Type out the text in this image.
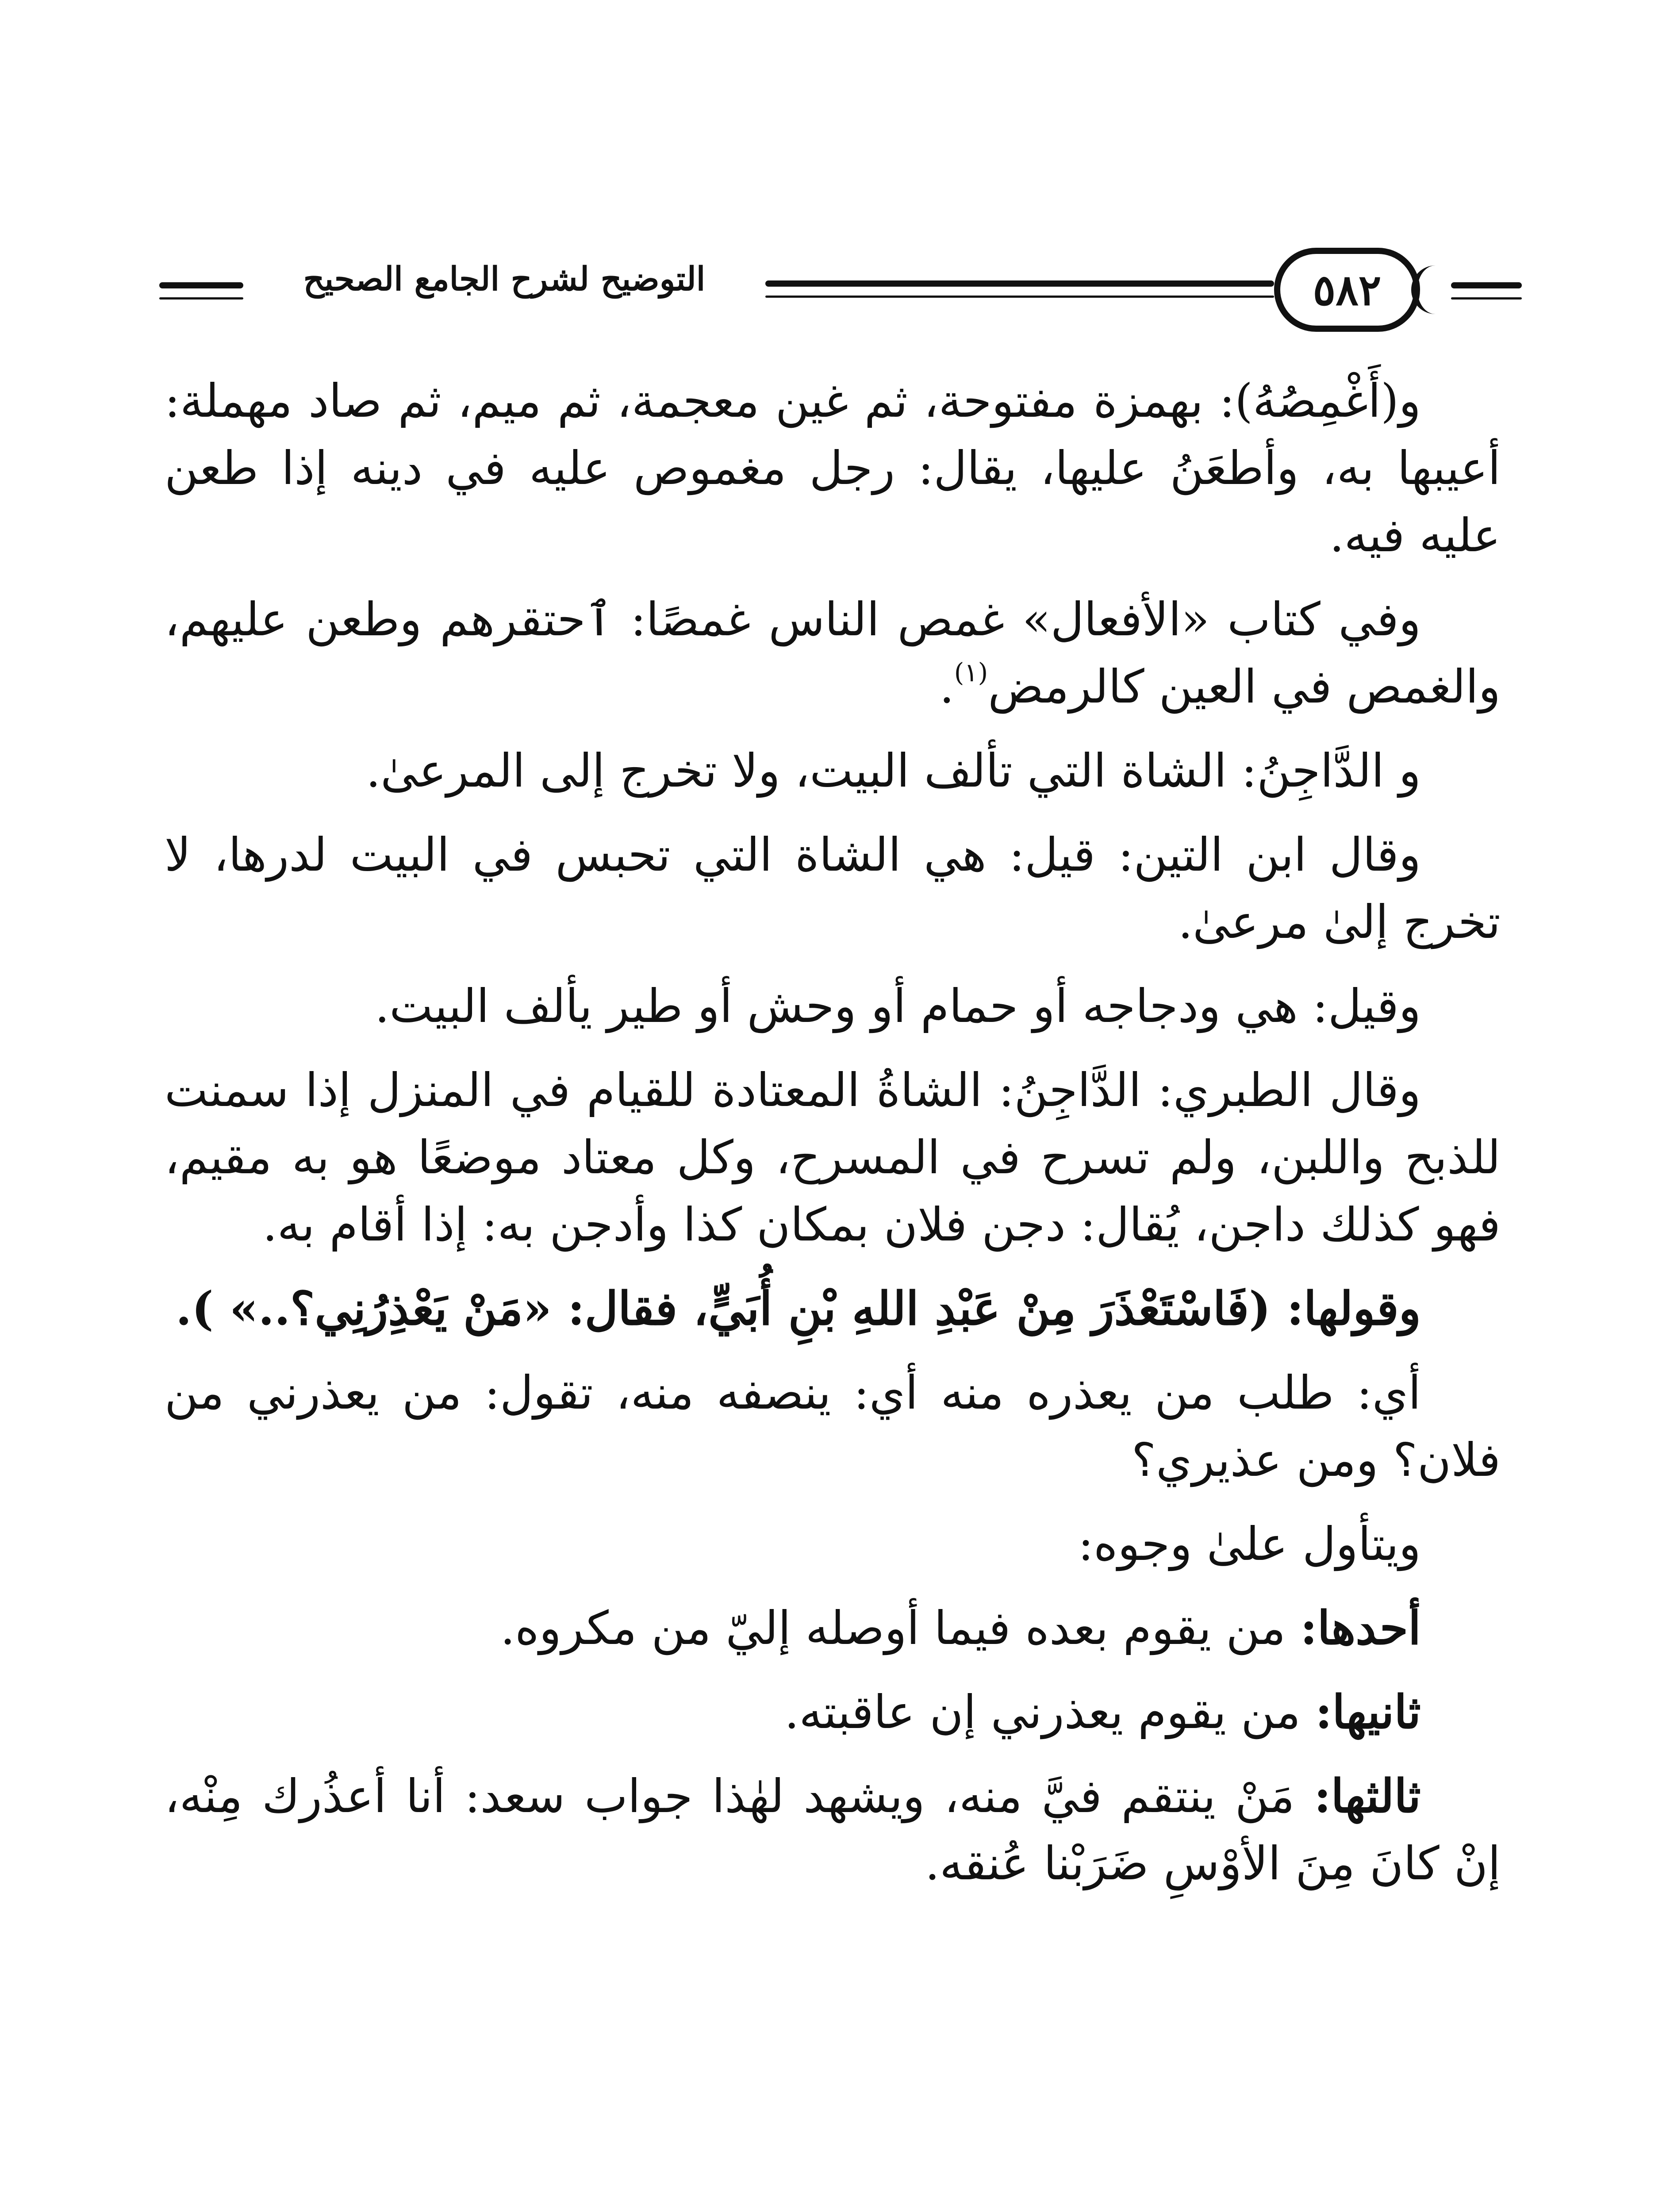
التوضيح لشرح الجامع الصحيح	٥٨٢

و(أَغْمِصُهُ): بهمزة مفتوحة، ثم غين معجمة، ثم ميم، ثم صاد مهملة: أعيبها به، وأطعَنُ عليها، يقال: رجل مغموص عليه في دينه إذا طعن عليه فيه.

وفي كتاب «الأفعال» غمص الناس غمصًا: ٱحتقرهم وطعن عليهم، والغمص في العين كالرمض$^{(١)}$.

و الدَّاجِنُ: الشاة التي تألف البيت، ولا تخرج إلى المرعىٰ.

وقال ابن التين: قيل: هي الشاة التي تحبس في البيت لدرها، لا تخرج إلىٰ مرعىٰ.

وقيل: هي ودجاجه أو حمام أو وحش أو طير يألف البيت.

وقال الطبري: الدَّاجِنُ: الشاةُ المعتادة للقيام في المنزل إذا سمنت للذبح واللبن، ولم تسرح في المسرح، وكل معتاد موضعًا هو به مقيم، فهو كذلك داجن، يُقال: دجن فلان بمكان كذا وأدجن به: إذا أقام به.

وقولها: (فَاسْتَعْذَرَ مِنْ عَبْدِ اللهِ بْنِ أُبَيٍّ، فقال: «مَنْ يَعْذِرُنِي؟..» ).

أي: طلب من يعذره منه أي: ينصفه منه، تقول: من يعذرني من فلان؟ ومن عذيري؟

ويتأول علىٰ وجوه:

أحدها: من يقوم بعده فيما أوصله إليّ من مكروه.

ثانيها: من يقوم يعذرني إن عاقبته.

ثالثها: مَنْ ينتقم فيَّ منه، ويشهد لهٰذا جواب سعد: أنا أعذُرك مِنْه، إنْ كانَ مِنَ الأوْسِ ضَرَبْنا عُنقه.
